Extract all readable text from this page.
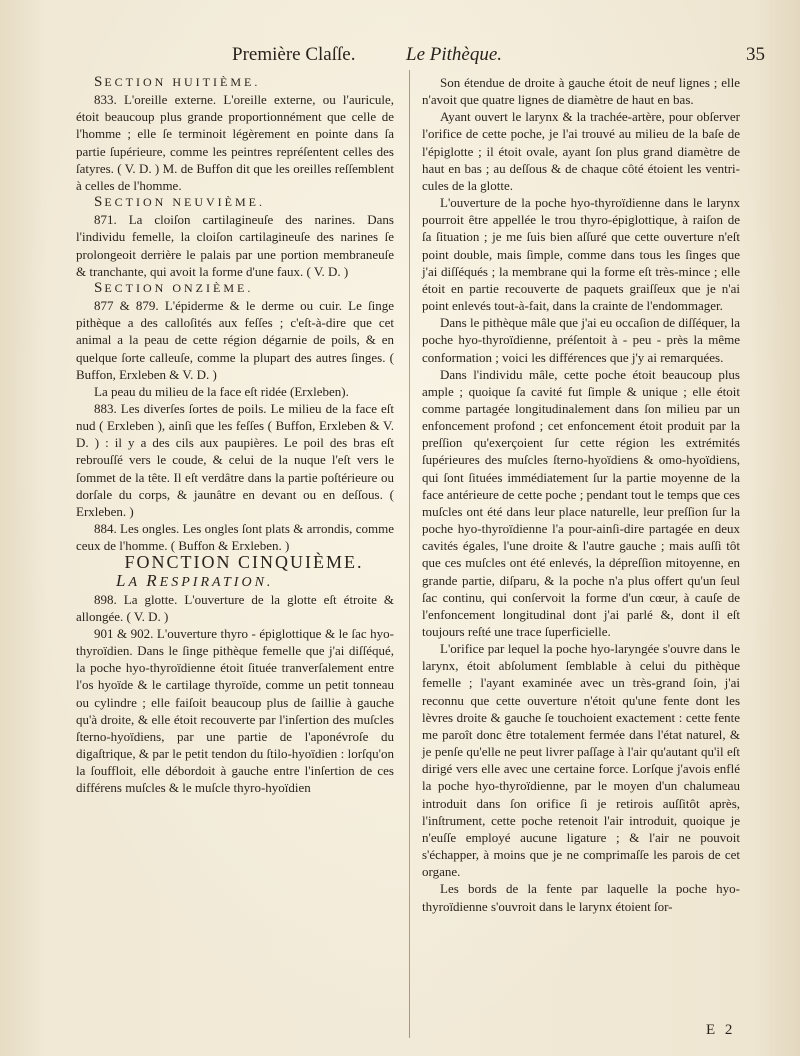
Première Claſſe.	Le Pithèque.	35

SECTION HUITIÈME.

833. L'oreille externe. L'oreille externe, ou l'auricule, étoit beaucoup plus grande proportionnément que celle de l'homme ; elle ſe terminoit légèrement en pointe dans ſa partie ſupérieure, comme les peintres repréſentent celles des ſatyres. ( V. D. ) M. de Buffon dit que les oreilles reſſemblent à celles de l'homme.

SECTION NEUVIÈME.

871. La cloiſon cartilagineuſe des narines. Dans l'individu femelle, la cloiſon cartilagineuſe des narines ſe prolongeoit derrière le palais par une portion membraneuſe & tranchante, qui avoit la forme d'une faux. ( V. D. )

SECTION ONZIÈME.

877 & 879. L'épiderme & le derme ou cuir. Le ſinge pithèque a des calloſités aux feſſes ; c'eſt-à-dire que cet animal a la peau de cette région dégarnie de poils, & en quelque ſorte calleuſe, comme la plupart des autres ſinges. ( Buffon, Erxleben & V. D. )

La peau du milieu de la face eſt ridée (Erxleben).

883. Les diverſes ſortes de poils. Le milieu de la face eſt nud ( Erxleben ), ainſi que les feſſes ( Buffon, Erxleben & V. D. ) : il y a des cils aux paupières. Le poil des bras eſt rebrouſſé vers le coude, & celui de la nuque l'eſt vers le ſommet de la tête. Il eſt verdâtre dans la partie poſtérieure ou dorſale du corps, & jaunâtre en devant ou en deſſous. ( Erxleben. )

884. Les ongles. Les ongles ſont plats & arrondis, comme ceux de l'homme. ( Buffon & Erxleben. )

FONCTION CINQUIÈME.

LA RESPIRATION.

898. La glotte. L'ouverture de la glotte eſt étroite & allongée. ( V. D. )

901 & 902. L'ouverture thyro - épiglottique & le ſac hyo-thyroïdien. Dans le ſinge pithèque femelle que j'ai diſſéqué, la poche hyo-thyroïdienne étoit ſituée tranverſalement entre l'os hyoïde & le cartilage thyroïde, comme un petit tonneau ou cylindre ; elle faiſoit beaucoup plus de ſaillie à gauche qu'à droite, & elle étoit recouverte par l'inſertion des muſcles ſterno-hyoïdiens, par une partie de l'aponévroſe du digaſtrique, & par le petit tendon du ſtilo-hyoïdien : lorſqu'on la ſouffloit, elle débordoit à gauche entre l'inſertion de ces différens muſcles & le muſcle thyro-hyoïdien

Son étendue de droite à gauche étoit de neuf lignes ; elle n'avoit que quatre lignes de diamètre de haut en bas.

Ayant ouvert le larynx & la trachée-artère, pour obſerver l'orifice de cette poche, je l'ai trouvé au milieu de la baſe de l'épiglotte ; il étoit ovale, ayant ſon plus grand diamètre de haut en bas ; au deſſous & de chaque côté étoient les ventricules de la glotte.

L'ouverture de la poche hyo-thyroïdienne dans le larynx pourroit être appellée le trou thyro-épiglottique, à raiſon de ſa ſituation ; je me ſuis bien aſſuré que cette ouverture n'eſt point double, mais ſimple, comme dans tous les ſinges que j'ai diſſéqués ; la membrane qui la forme eſt très-mince ; elle étoit en partie recouverte de paquets graiſſeux que je n'ai point enlevés tout-à-fait, dans la crainte de l'endommager.

Dans le pithèque mâle que j'ai eu occaſion de diſſéquer, la poche hyo-thyroïdienne, préſentoit à - peu - près la même conformation ; voici les différences que j'y ai remarquées.

Dans l'individu mâle, cette poche étoit beaucoup plus ample ; quoique ſa cavité fut ſimple & unique ; elle étoit comme partagée longitudinalement dans ſon milieu par un enfoncement profond ; cet enfoncement étoit produit par la preſſion qu'exerçoient ſur cette région les extrémités ſupérieures des muſcles ſterno-hyoïdiens & omo-hyoïdiens, qui ſont ſituées immédiatement ſur la partie moyenne de la face antérieure de cette poche ; pendant tout le temps que ces muſcles ont été dans leur place naturelle, leur preſſion ſur la poche hyo-thyroïdienne l'a pour-ainſi-dire partagée en deux cavités égales, l'une droite & l'autre gauche ; mais auſſi tôt que ces muſcles ont été enlevés, la dépreſſion mitoyenne, en grande partie, diſparu, & la poche n'a plus offert qu'un ſeul ſac continu, qui conſervoit la forme d'un cœur, à cauſe de l'enfoncement longitudinal dont j'ai parlé &, dont il eſt toujours reſté une trace ſuperficielle.

L'orifice par lequel la poche hyo-laryngée s'ouvre dans le larynx, étoit abſolument ſemblable à celui du pithèque femelle ; l'ayant examinée avec un très-grand ſoin, j'ai reconnu que cette ouverture n'étoit qu'une fente dont les lèvres droite & gauche ſe touchoient exactement : cette fente me paroît donc être totalement fermée dans l'état naturel, & je penſe qu'elle ne peut livrer paſſage à l'air qu'autant qu'il eſt dirigé vers elle avec une certaine force. Lorſque j'avois enflé la poche hyo-thyroïdienne, par le moyen d'un chalumeau introduit dans ſon orifice ſi je retirois auſſitôt après, l'inſtrument, cette poche retenoit l'air introduit, quoique je n'euſſe employé aucune ligature ; & l'air ne pouvoit s'échapper, à moins que je ne comprimaſſe les parois de cet organe.

Les bords de la fente par laquelle la poche hyo-thyroïdienne s'ouvroit dans le larynx étoient ſor-

E 2
